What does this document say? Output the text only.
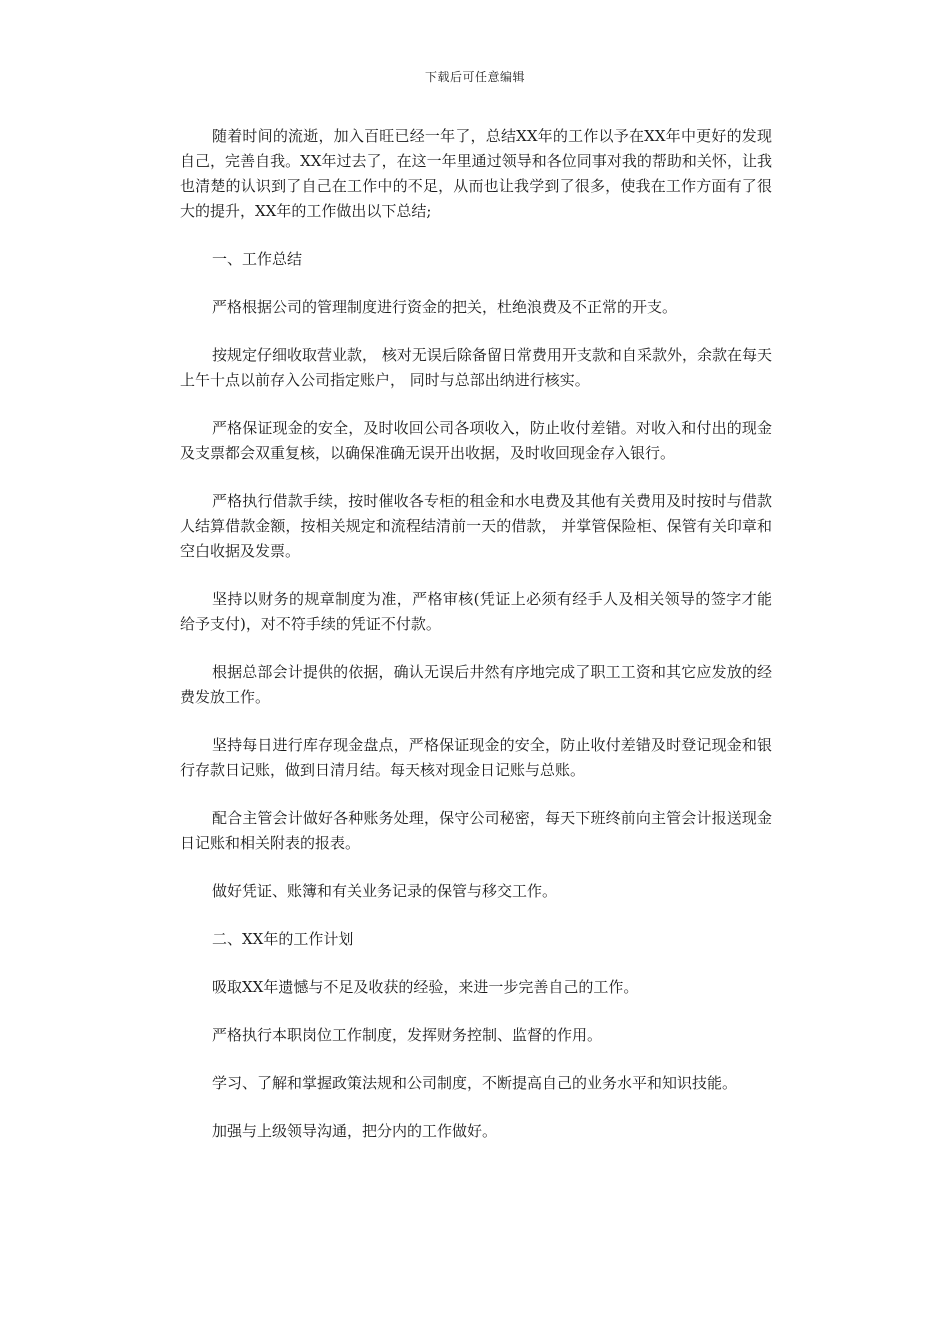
下载后可任意编辑

随着时间的流逝，加入百旺已经一年了，总结XX年的工作以予在XX年中更好的发现自己，完善自我。XX年过去了，在这一年里通过领导和各位同事对我的帮助和关怀，让我也清楚的认识到了自己在工作中的不足，从而也让我学到了很多，使我在工作方面有了很大的提升，XX年的工作做出以下总结;

一、工作总结

严格根据公司的管理制度进行资金的把关，杜绝浪费及不正常的开支。

按规定仔细收取营业款， 核对无误后除备留日常费用开支款和自采款外，余款在每天上午十点以前存入公司指定账户， 同时与总部出纳进行核实。

严格保证现金的安全，及时收回公司各项收入，防止收付差错。对收入和付出的现金及支票都会双重复核，以确保准确无误开出收据，及时收回现金存入银行。

严格执行借款手续，按时催收各专柜的租金和水电费及其他有关费用及时按时与借款人结算借款金额，按相关规定和流程结清前一天的借款， 并掌管保险柜、保管有关印章和空白收据及发票。

坚持以财务的规章制度为准，严格审核(凭证上必须有经手人及相关领导的签字才能给予支付)，对不符手续的凭证不付款。

根据总部会计提供的依据，确认无误后井然有序地完成了职工工资和其它应发放的经费发放工作。

坚持每日进行库存现金盘点，严格保证现金的安全，防止收付差错及时登记现金和银行存款日记账，做到日清月结。每天核对现金日记账与总账。

配合主管会计做好各种账务处理，保守公司秘密，每天下班终前向主管会计报送现金日记账和相关附表的报表。

做好凭证、账簿和有关业务记录的保管与移交工作。

二、XX年的工作计划

吸取XX年遗憾与不足及收获的经验，来进一步完善自己的工作。

严格执行本职岗位工作制度，发挥财务控制、监督的作用。

学习、了解和掌握政策法规和公司制度，不断提高自己的业务水平和知识技能。

加强与上级领导沟通，把分内的工作做好。
